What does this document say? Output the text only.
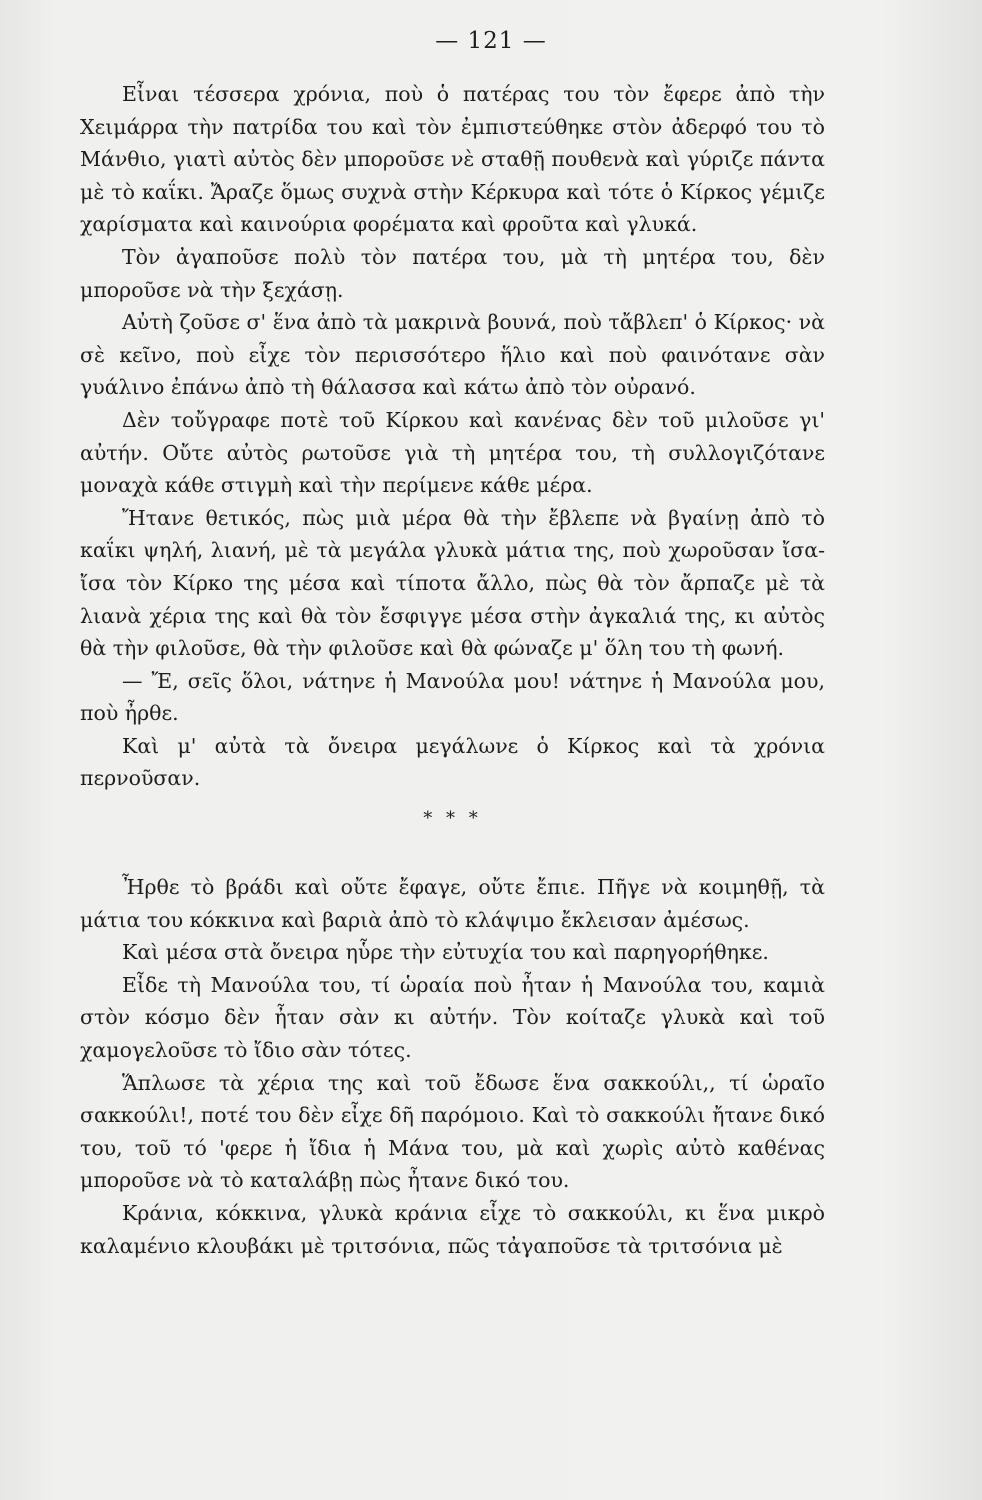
— 121 —

Εἶναι τέσσερα χρόνια, ποὺ ὁ πατέρας του τὸν ἔφερε ἀπὸ τὴν Χειμάρρα τὴν πατρίδα του καὶ τὸν ἐμπιστεύθηκε στὸν ἀδερφό του τὸ Μάνθιο, γιατὶ αὐτὸς δὲν μποροῦσε νὲ σταθῇ πουθενὰ καὶ γύριζε πάντα μὲ τὸ καΐκι. Ἄραζε ὅμως συχνὰ στὴν Κέρκυρα καὶ τότε ὁ Κίρκος γέμιζε χαρίσματα καὶ καινούρια φορέματα καὶ φροῦτα καὶ γλυκά.

Τὸν ἀγαποῦσε πολὺ τὸν πατέρα του, μὰ τὴ μητέρα του, δὲν μποροῦσε νὰ τὴν ξεχάσῃ.

Αὐτὴ ζοῦσε σ' ἕνα ἀπὸ τὰ μακρινὰ βουνά, ποὺ τἄβλεπ' ὁ Κίρκος· νὰ σὲ κεῖνο, ποὺ εἶχε τὸν περισσότερο ἥλιο καὶ ποὺ φαινότανε σὰν γυάλινο ἐπάνω ἀπὸ τὴ θάλασσα καὶ κάτω ἀπὸ τὸν οὐρανό.

Δὲν τοὔγραφε ποτὲ τοῦ Κίρκου καὶ κανένας δὲν τοῦ μιλοῦσε γι' αὐτήν. Οὔτε αὐτὸς ρωτοῦσε γιὰ τὴ μητέρα του, τὴ συλλογιζότανε μοναχὰ κάθε στιγμὴ καὶ τὴν περίμενε κάθε μέρα.

Ἤτανε θετικός, πὼς μιὰ μέρα θὰ τὴν ἔβλεπε νὰ βγαίνῃ ἀπὸ τὸ καΐκι ψηλή, λιανή, μὲ τὰ μεγάλα γλυκὰ μάτια της, ποὺ χωροῦσαν ἴσα-ἴσα τὸν Κίρκο της μέσα καὶ τίποτα ἄλλο, πὼς θὰ τὸν ἄρπαζε μὲ τὰ λιανὰ χέρια της καὶ θὰ τὸν ἔσφιγγε μέσα στὴν ἀγκαλιά της, κι αὐτὸς θὰ τὴν φιλοῦσε, θὰ τὴν φιλοῦσε καὶ θὰ φώναζε μ' ὅλη του τὴ φωνή.

— Ἔ, σεῖς ὅλοι, νάτηνε ἡ Μανούλα μου! νάτηνε ἡ Μανούλα μου, ποὺ ἦρθε.

Καὶ μ' αὐτὰ τὰ ὄνειρα μεγάλωνε ὁ Κίρκος καὶ τὰ χρόνια περνοῦσαν.

* * *

Ἦρθε τὸ βράδι καὶ οὔτε ἔφαγε, οὔτε ἔπιε. Πῆγε νὰ κοιμηθῇ, τὰ μάτια του κόκκινα καὶ βαριὰ ἀπὸ τὸ κλάψιμο ἔκλεισαν ἀμέσως.

Καὶ μέσα στὰ ὄνειρα ηὗρε τὴν εὐτυχία του καὶ παρηγορήθηκε.

Εἶδε τὴ Μανούλα του, τί ὡραία ποὺ ἦταν ἡ Μανούλα του, καμιὰ στὸν κόσμο δὲν ἦταν σὰν κι αὐτήν. Τὸν κοίταζε γλυκὰ καὶ τοῦ χαμογελοῦσε τὸ ἴδιο σὰν τότες.

Ἅπλωσε τὰ χέρια της καὶ τοῦ ἔδωσε ἕνα σακκούλι,, τί ὡραῖο σακκούλι!, ποτέ του δὲν εἶχε δῆ παρόμοιο. Καὶ τὸ σακκούλι ἤτανε δικό του, τοῦ τό 'φερε ἡ ἴδια ἡ Μάνα του, μὰ καὶ χωρὶς αὐτὸ καθένας μποροῦσε νὰ τὸ καταλάβῃ πὼς ἦτανε δικό του.

Κράνια, κόκκινα, γλυκὰ κράνια εἶχε τὸ σακκούλι, κι ἕνα μικρὸ καλαμένιο κλουβάκι μὲ τριτσόνια, πῶς τἀγαποῦσε τὰ τριτσόνια μὲ
